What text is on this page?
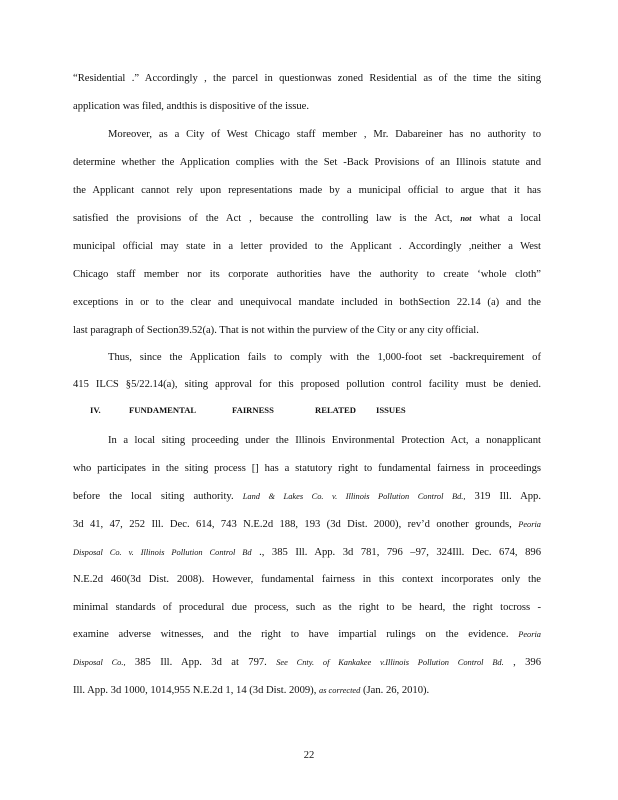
“Residential .” Accordingly , the parcel in questionwas zoned Residential as of the time the siting
application was filed, andthis is dispositive of the issue.
Moreover, as a City of West Chicago staff member , Mr. Dabareiner has no authority to
determine whether the Application complies with the Set -Back Provisions of an Illinois statute and
the Applicant cannot rely upon representations made by a municipal official to argue that it has
satisfied the provisions of the Act , because the controlling law is the Act, not what a local
municipal official may state in a letter provided to the Applicant . Accordingly ,neither a West
Chicago staff member nor its corporate authorities have the authority to create ‘whole cloth”
exceptions in or to the clear and unequivocal mandate included in bothSection 22.14 (a) and the
last paragraph of Section39.52(a). That is not within the purview of the City or any city official.
Thus, since the Application fails to comply with the 1,000-foot set -backrequirement of
415 ILCS §5/22.14(a), siting approval for this proposed pollution control facility must be denied.
IV.	FUNDAMENTAL	FAIRNESS	RELATED ISSUES
In a local siting proceeding under the Illinois Environmental Protection Act, a nonapplicant
who participates in the siting process [] has a statutory right to fundamental fairness in proceedings
before the local siting authority. Land & Lakes Co. v. Illinois Pollution Control Bd., 319 Ill. App.
3d 41, 47, 252 Ill. Dec. 614, 743 N.E.2d 188, 193 (3d Dist. 2000), rev’d onother grounds, Peoria
Disposal Co. v. Illinois Pollution Control Bd ., 385 Ill. App. 3d 781, 796 –97, 324Ill. Dec. 674, 896
N.E.2d 460(3d Dist. 2008). However, fundamental fairness in this context incorporates only the
minimal standards of procedural due process, such as the right to be heard, the right tocross -
examine adverse witnesses, and the right to have impartial rulings on the evidence. Peoria
Disposal Co., 385 Ill. App. 3d at 797. See Cnty. of Kankakee v.Illinois Pollution Control Bd. , 396
Ill. App. 3d 1000, 1014,955 N.E.2d 1, 14 (3d Dist. 2009), as corrected (Jan. 26, 2010).
22
